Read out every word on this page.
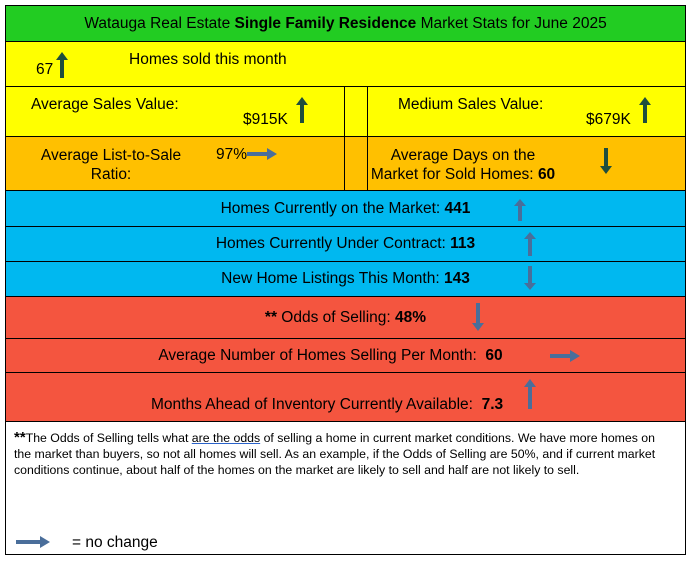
Watauga Real Estate Single Family Residence Market Stats for June 2025
67
Homes sold this month
Average Sales Value:
$915K
Medium Sales Value:
$679K
Average List-to-Sale
Ratio:
97%	Average Days on the
Market for Sold Homes: 60
Homes Currently on the Market: 441
Homes Currently Under Contract: 113
New Home Listings This Month: 143
** Odds of Selling: 48%
Average Number of Homes Selling Per Month: 60
Months Ahead of Inventory Currently Available: 7.3
**The Odds of Selling tells what are the odds of selling a home in current market conditions. We have more homes on the market than buyers, so not all homes will sell. As an example, if the Odds of Selling are 50%, and if current market conditions continue, about half of the homes on the market are likely to sell and half are not likely to sell.
= no change
